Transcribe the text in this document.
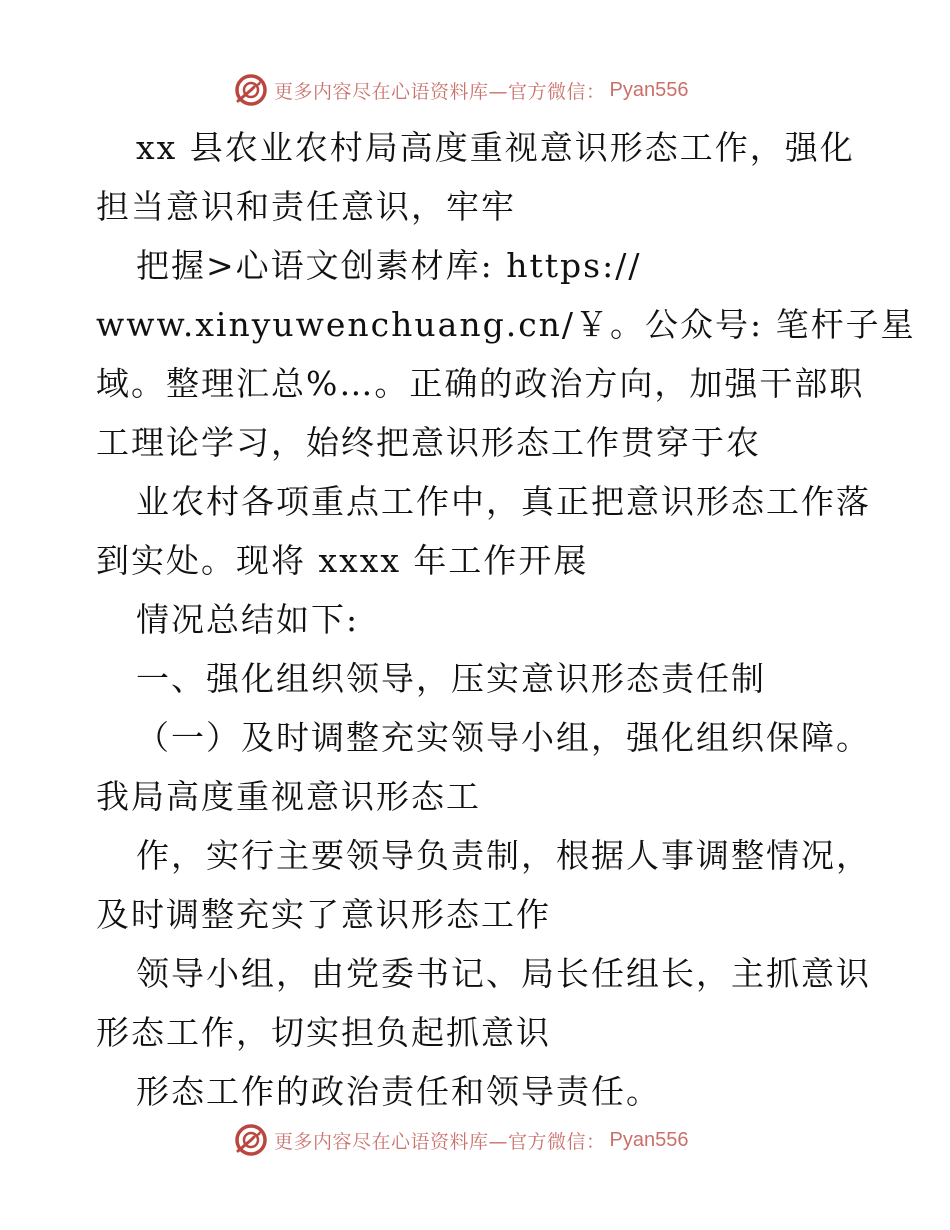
更多内容尽在心语资料库—官方微信： Pyan556
xx 县农业农村局高度重视意识形态工作，强化
担当意识和责任意识，牢牢
把握>心语文创素材库: https://
www.xinyuwenchuang.cn/￥。公众号: 笔杆子星
域。整理汇总%…。正确的政治方向，加强干部职
工理论学习，始终把意识形态工作贯穿于农
业农村各项重点工作中，真正把意识形态工作落
到实处。现将 xxxx 年工作开展
情况总结如下:
一、强化组织领导，压实意识形态责任制
（一）及时调整充实领导小组，强化组织保障。
我局高度重视意识形态工
作，实行主要领导负责制，根据人事调整情况，
及时调整充实了意识形态工作
领导小组，由党委书记、局长任组长，主抓意识
形态工作，切实担负起抓意识
形态工作的政治责任和领导责任。
更多内容尽在心语资料库—官方微信： Pyan556
